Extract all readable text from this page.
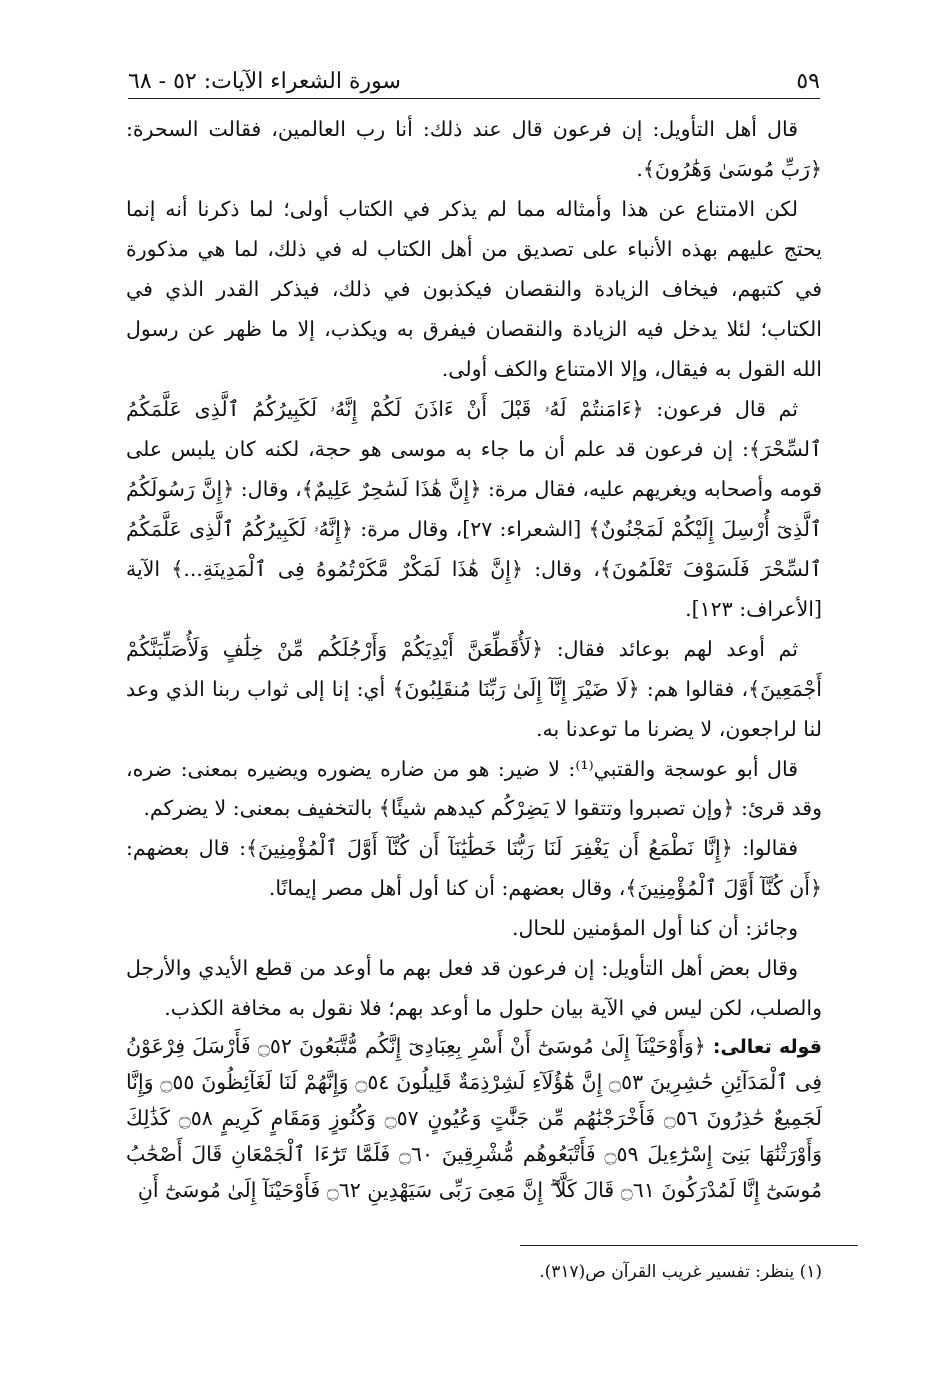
سورة الشعراء الآيات: ٥٢ - ٦٨	٥٩

قال أهل التأويل: إن فرعون قال عند ذلك: أنا رب العالمين، فقالت السحرة: ﴿رَبِّ مُوسَىٰ وَهَٰرُونَ﴾.

لكن الامتناع عن هذا وأمثاله مما لم يذكر في الكتاب أولى؛ لما ذكرنا أنه إنما يحتج عليهم بهذه الأنباء على تصديق من أهل الكتاب له في ذلك، لما هي مذكورة في كتبهم، فيخاف الزيادة والنقصان فيكذبون في ذلك، فيذكر القدر الذي في الكتاب؛ لئلا يدخل فيه الزيادة والنقصان فيفرق به ويكذب، إلا ما ظهر عن رسول الله القول به فيقال، وإلا الامتناع والكف أولى.

ثم قال فرعون: ﴿ءَامَنتُمْ لَهُۥ قَبْلَ أَنْ ءَاذَنَ لَكُمْ إِنَّهُۥ لَكَبِيرُكُمُ ٱلَّذِى عَلَّمَكُمُ ٱلسِّحْرَ﴾: إن فرعون قد علم أن ما جاء به موسى هو حجة، لكنه كان يلبس على قومه وأصحابه ويغريهم عليه، فقال مرة: ﴿إِنَّ هَٰذَا لَسَٰحِرٌ عَلِيمٌ﴾، وقال: ﴿إِنَّ رَسُولَكُمُ ٱلَّذِىٓ أُرْسِلَ إِلَيْكُمْ لَمَجْنُونٌ﴾ [الشعراء: ٢٧]، وقال مرة: ﴿إِنَّهُۥ لَكَبِيرُكُمُ ٱلَّذِى عَلَّمَكُمُ ٱلسِّحْرَ فَلَسَوْفَ تَعْلَمُونَ﴾، وقال: ﴿إِنَّ هَٰذَا لَمَكْرٌ مَّكَرْتُمُوهُ فِى ٱلْمَدِينَةِ...﴾ الآية [الأعراف: ١٢٣].

ثم أوعد لهم بوعائد فقال: ﴿لَأُقَطِّعَنَّ أَيْدِيَكُمْ وَأَرْجُلَكُم مِّنْ خِلَٰفٍ وَلَأُصَلِّبَنَّكُمْ أَجْمَعِينَ﴾، فقالوا هم: ﴿لَا ضَيْرَ إِنَّآ إِلَىٰ رَبِّنَا مُنقَلِبُونَ﴾ أي: إنا إلى ثواب ربنا الذي وعد لنا لراجعون، لا يضرنا ما توعدنا به.

قال أبو عوسجة والقتبي⁽¹⁾: لا ضير: هو من ضاره يضوره ويضيره بمعنى: ضره، وقد قرئ: ﴿وإن تصبروا وتتقوا لا يَضِرْكُم كيدهم شيئًا﴾ بالتخفيف بمعنى: لا يضركم.

فقالوا: ﴿إِنَّا نَطْمَعُ أَن يَغْفِرَ لَنَا رَبُّنَا خَطَٰيَٰنَآ أَن كُنَّآ أَوَّلَ ٱلْمُؤْمِنِينَ﴾: قال بعضهم: ﴿أَن كُنَّآ أَوَّلَ ٱلْمُؤْمِنِينَ﴾، وقال بعضهم: أن كنا أول أهل مصر إيمانًا.

وجائز: أن كنا أول المؤمنين للحال.

وقال بعض أهل التأويل: إن فرعون قد فعل بهم ما أوعد من قطع الأيدي والأرجل والصلب، لكن ليس في الآية بيان حلول ما أوعد بهم؛ فلا نقول به مخافة الكذب.

قوله تعالى: ﴿وَأَوْحَيْنَآ إِلَىٰ مُوسَىٰٓ أَنْ أَسْرِ بِعِبَادِىٓ إِنَّكُم مُّتَّبَعُونَ ۝٥٢ فَأَرْسَلَ فِرْعَوْنُ فِى ٱلْمَدَآئِنِ حَٰشِرِينَ ۝٥٣ إِنَّ هَٰٓؤُلَآءِ لَشِرْذِمَةٌ قَلِيلُونَ ۝٥٤ وَإِنَّهُمْ لَنَا لَغَآئِظُونَ ۝٥٥ وَإِنَّا لَجَمِيعٌ حَٰذِرُونَ ۝٥٦ فَأَخْرَجْنَٰهُم مِّن جَنَّٰتٍ وَعُيُونٍ ۝٥٧ وَكُنُوزٍ وَمَقَامٍ كَرِيمٍ ۝٥٨ كَذَٰلِكَ وَأَوْرَثْنَٰهَا بَنِىٓ إِسْرَٰٓءِيلَ ۝٥٩ فَأَتْبَعُوهُم مُّشْرِقِينَ ۝٦٠ فَلَمَّا تَرَٰٓءَا ٱلْجَمْعَانِ قَالَ أَصْحَٰبُ مُوسَىٰٓ إِنَّا لَمُدْرَكُونَ ۝٦١ قَالَ كَلَّآ ۖ إِنَّ مَعِىَ رَبِّى سَيَهْدِينِ ۝٦٢ فَأَوْحَيْنَآ إِلَىٰ مُوسَىٰٓ أَنِ

(١) ينظر: تفسير غريب القرآن ص(٣١٧).
